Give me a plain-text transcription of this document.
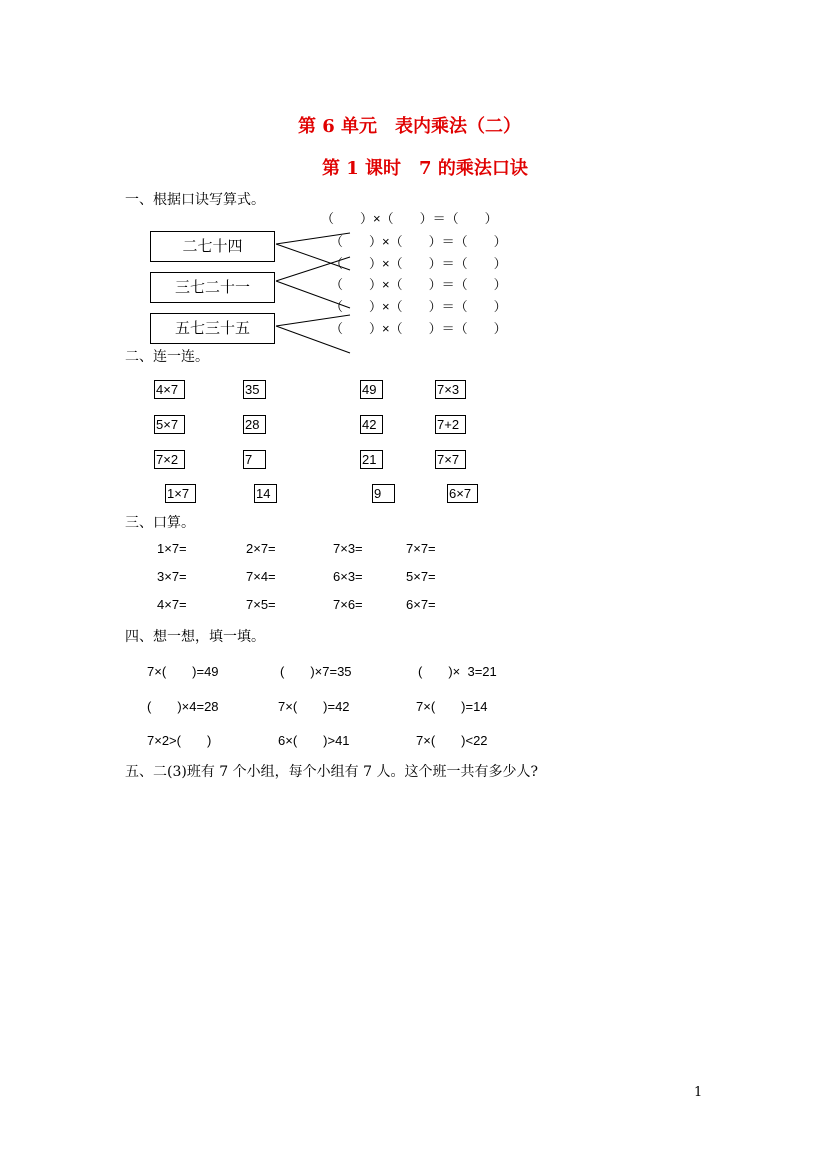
第 6 单元　表内乘法（二）
第 1 课时　7 的乘法口诀
一、根据口诀写算式。
二七十四
三七二十一
五七三十五
（　　）×（　　）＝（　　）
（　　）×（　　）＝（　　）
（　　）×（　　）＝（　　）
（　　）×（　　）＝（　　）
（　　）×（　　）＝（　　）
（　　）×（　　）＝（　　）
二、连一连。
4×7	35	49	7×3
5×7	28	42	7+2
7×2	7	21	7×7
1×7	14	9	6×7
三、口算。
1×7=	2×7=	7×3=	7×7=
3×7=	7×4=	6×3=	5×7=
4×7=	7×5=	7×6=	6×7=
四、想一想，填一填。
7×(　　)=49	(　　)×7=35	(　　)×  3=21
(　　)×4=28	7×(　　)=42	7×(　　)=14
7×2>(　　)	6×(　　)>41	7×(　　)<22
五、二(3)班有 7 个小组，每个小组有 7 人。这个班一共有多少人?
1
